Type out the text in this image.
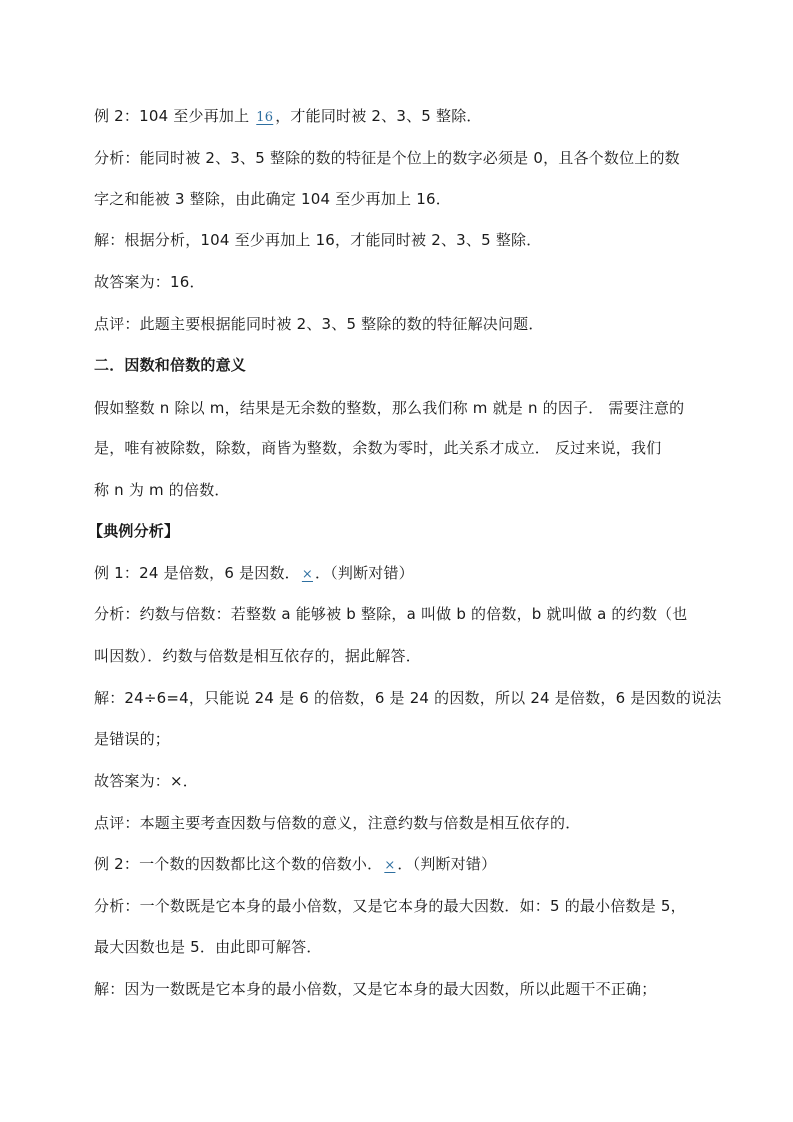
例 2：104 至少再加上 16 ，才能同时被 2、3、5 整除．
分析：能同时被 2、3、5 整除的数的特征是个位上的数字必须是 0，且各个数位上的数
字之和能被 3 整除，由此确定 104 至少再加上 16．
解：根据分析，104 至少再加上 16，才能同时被 2、3、5 整除．
故答案为：16．
点评：此题主要根据能同时被 2、3、5 整除的数的特征解决问题．
二．因数和倍数的意义
假如整数 n 除以 m，结果是无余数的整数，那么我们称 m 就是 n 的因子． 需要注意的
是，唯有被除数，除数，商皆为整数，余数为零时，此关系才成立． 反过来说，我们
称 n 为 m 的倍数．
【典例分析】
例 1：24 是倍数，6 是因数． × ．（判断对错）
分析：约数与倍数：若整数 a 能够被 b 整除，a 叫做 b 的倍数，b 就叫做 a 的约数（也
叫因数）．约数与倍数是相互依存的，据此解答．
解：24÷6=4，只能说 24 是 6 的倍数，6 是 24 的因数，所以 24 是倍数，6 是因数的说法
是错误的；
故答案为：×．
点评：本题主要考查因数与倍数的意义，注意约数与倍数是相互依存的．
例 2：一个数的因数都比这个数的倍数小． × ．（判断对错）
分析：一个数既是它本身的最小倍数，又是它本身的最大因数．如：5 的最小倍数是 5，
最大因数也是 5．由此即可解答．
解：因为一数既是它本身的最小倍数，又是它本身的最大因数，所以此题干不正确；
